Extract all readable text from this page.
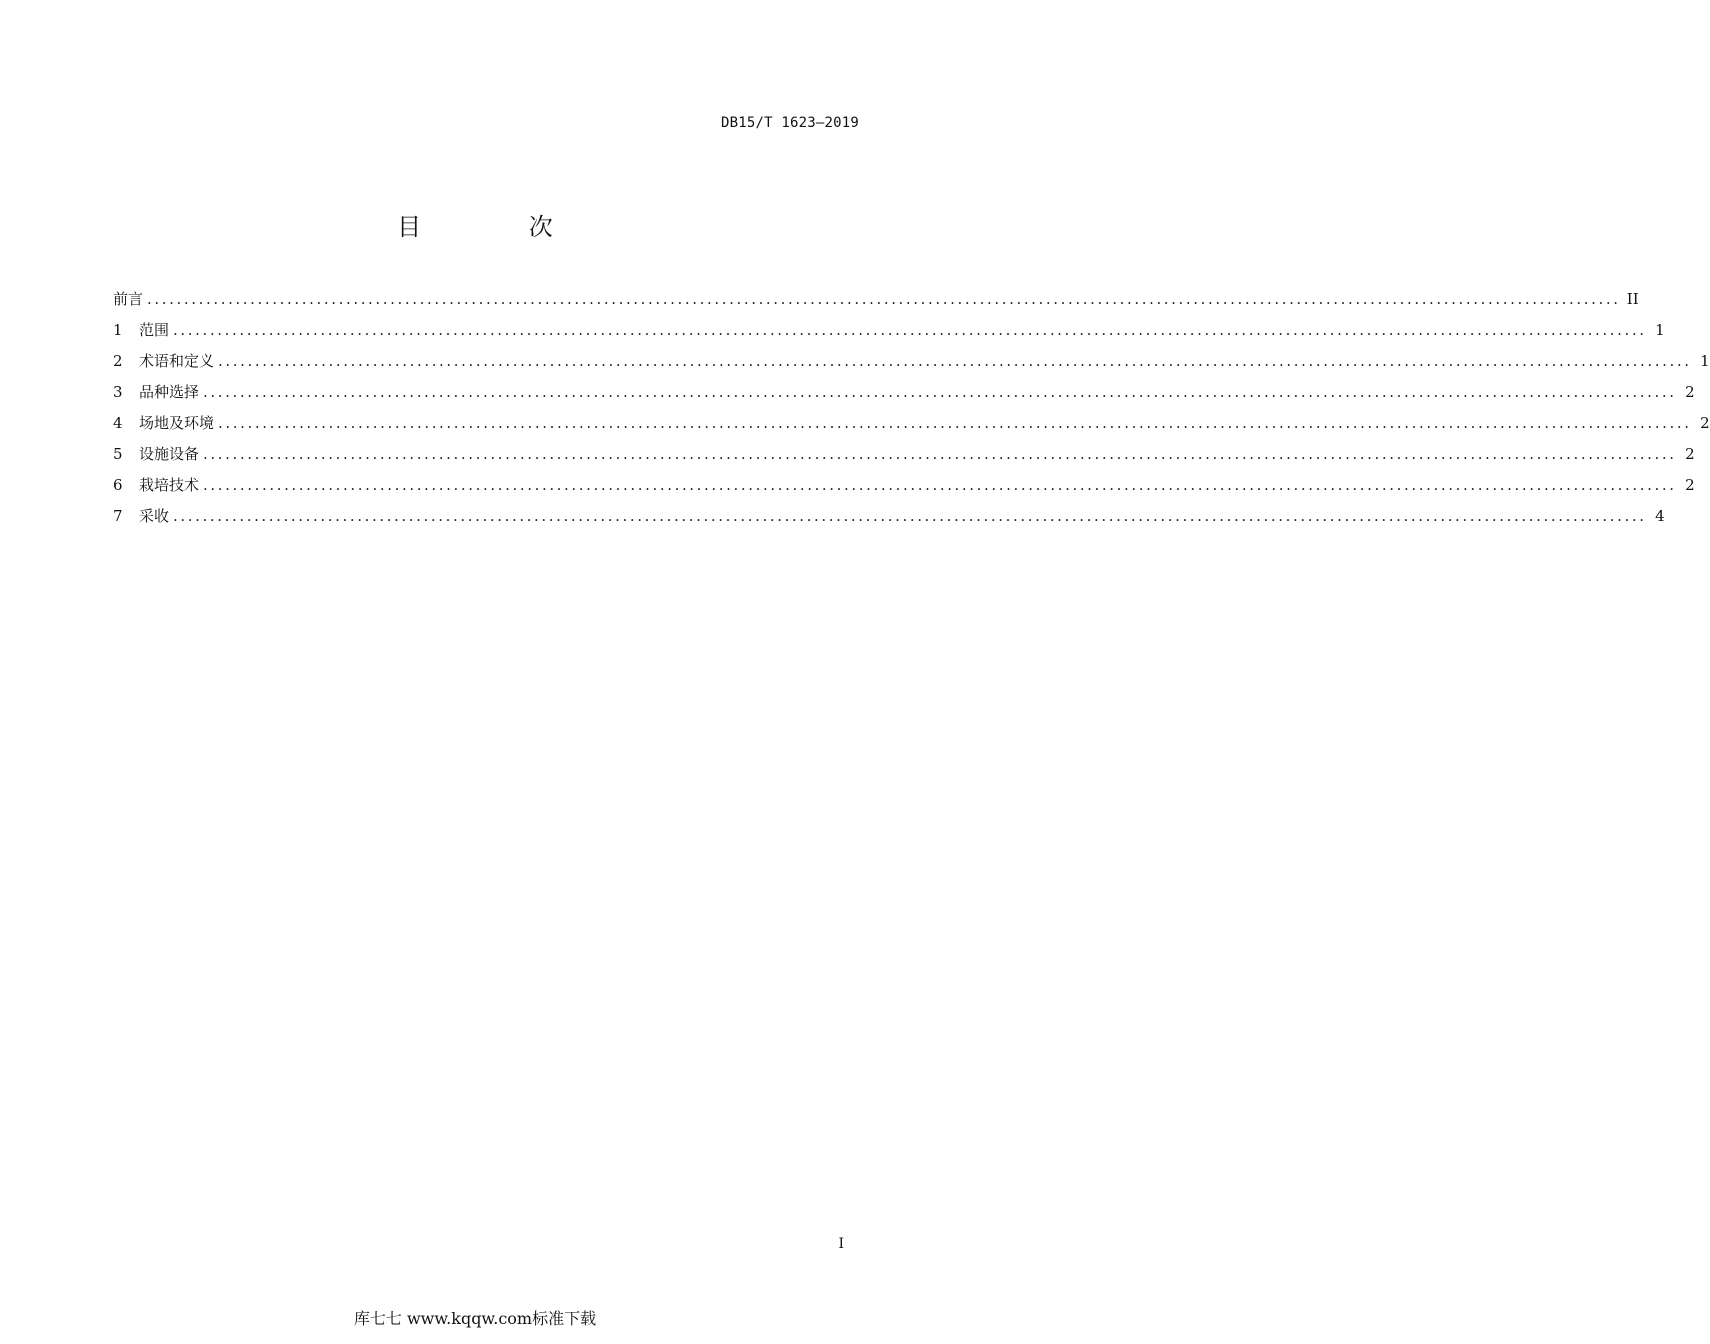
DB15/T 1623—2019
目 次
前言 ........................................................................................................................................................................................................ II
1	范围 ........................................................................................................................................................................................................ 1
2	术语和定义 ........................................................................................................................................................................................................ 1
3	品种选择 ........................................................................................................................................................................................................ 2
4	场地及环境 ........................................................................................................................................................................................................ 2
5	设施设备 ........................................................................................................................................................................................................ 2
6	栽培技术 ........................................................................................................................................................................................................ 2
7	采收 ........................................................................................................................................................................................................ 4
I
库七七 www.kqqw.com标准下载
